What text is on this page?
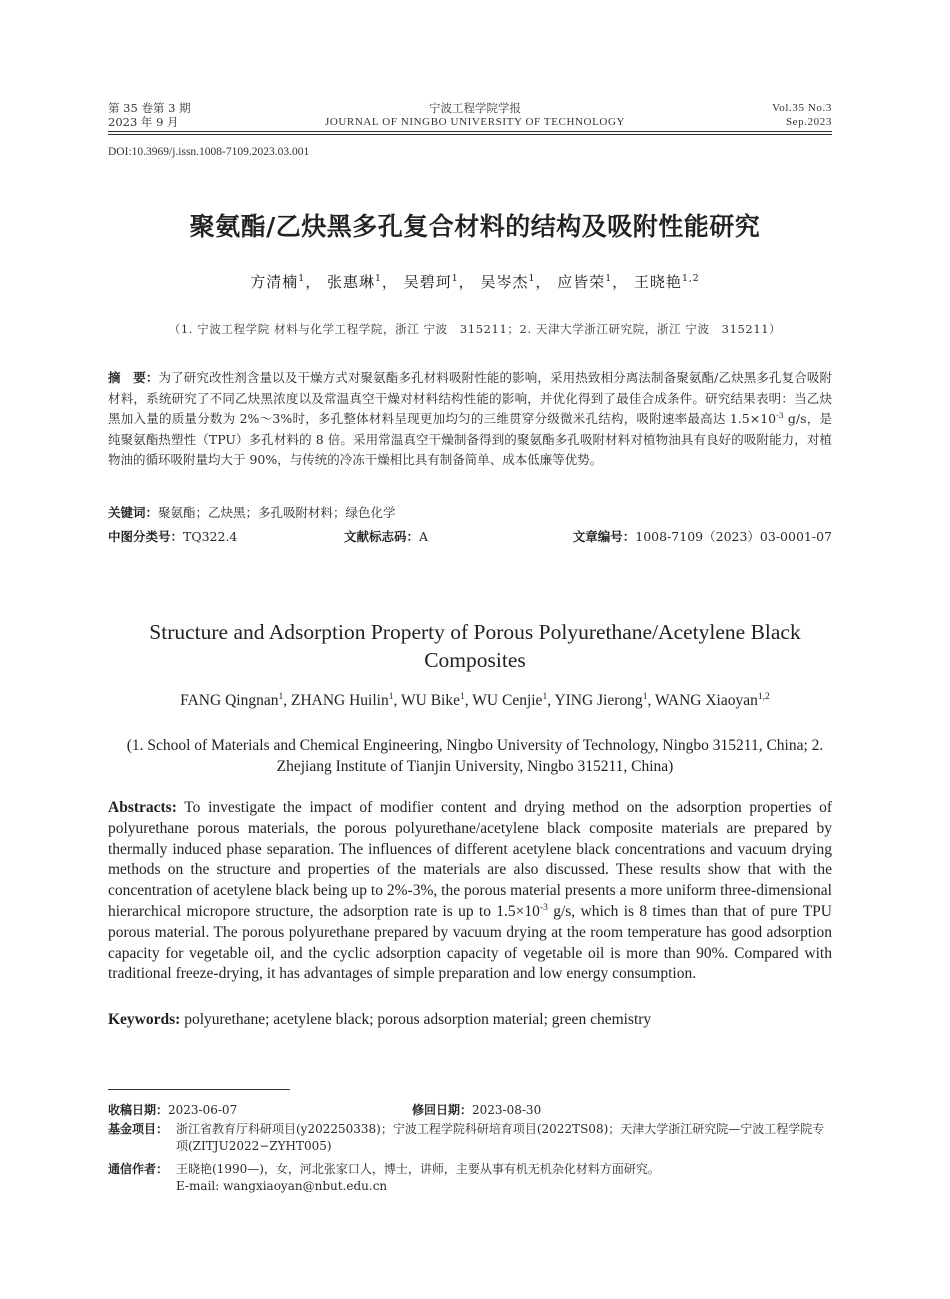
第 35 卷第 3 期
2023 年 9 月
宁波工程学院学报
JOURNAL OF NINGBO UNIVERSITY OF TECHNOLOGY
Vol.35 No.3
Sep.2023
DOI:10.3969/j.issn.1008-7109.2023.03.001
聚氨酯/乙炔黑多孔复合材料的结构及吸附性能研究
方清楠$^1$， 张惠琳$^1$， 吴碧珂$^1$， 吴岑杰$^1$， 应皆荣$^1$， 王晓艳$^{1,2}$
（1. 宁波工程学院 材料与化学工程学院，浙江 宁波　315211；2. 天津大学浙江研究院，浙江 宁波　315211）
摘　要：为了研究改性剂含量以及干燥方式对聚氨酯多孔材料吸附性能的影响，采用热致相分离法制备聚氨酯/乙炔黑多孔复合吸附材料，系统研究了不同乙炔黑浓度以及常温真空干燥对材料结构性能的影响，并优化得到了最佳合成条件。研究结果表明：当乙炔黑加入量的质量分数为 2%～3%时，多孔整体材料呈现更加均匀的三维贯穿分级微米孔结构，吸附速率最高达 $1.5\times 10^{-3}$ g/s，是纯聚氨酯热塑性（TPU）多孔材料的 8 倍。采用常温真空干燥制备得到的聚氨酯多孔吸附材料对植物油具有良好的吸附能力，对植物油的循环吸附量均大于 90%，与传统的冷冻干燥相比具有制备简单、成本低廉等优势。
关键词：聚氨酯；乙炔黑；多孔吸附材料；绿色化学
中图分类号：TQ322.4	文献标志码：A	文章编号：1008-7109（2023）03-0001-07
Structure and Adsorption Property of Porous Polyurethane/Acetylene Black Composites
FANG Qingnan$^1$, ZHANG Huilin$^1$, WU Bike$^1$, WU Cenjie$^1$, YING Jierong$^1$, WANG Xiaoyan$^{1,2}$
(1. School of Materials and Chemical Engineering, Ningbo University of Technology, Ningbo 315211, China; 2. Zhejiang Institute of Tianjin University, Ningbo 315211, China)
Abstracts: To investigate the impact of modifier content and drying method on the adsorption properties of polyurethane porous materials, the porous polyurethane/acetylene black composite materials are prepared by thermally induced phase separation. The influences of different acetylene black concentrations and vacuum drying methods on the structure and properties of the materials are also discussed. These results show that with the concentration of acetylene black being up to 2%-3%, the porous material presents a more uniform three-dimensional hierarchical micropore structure, the adsorption rate is up to $1.5\times 10^{-3}$ g/s, which is 8 times than that of pure TPU porous material. The porous polyurethane prepared by vacuum drying at the room temperature has good adsorption capacity for vegetable oil, and the cyclic adsorption capacity of vegetable oil is more than 90%. Compared with traditional freeze-drying, it has advantages of simple preparation and low energy consumption.
Keywords: polyurethane; acetylene black; porous adsorption material; green chemistry
收稿日期：2023-06-07	修回日期：2023-08-30
基金项目： 浙江省教育厅科研项目(y202250338)；宁波工程学院科研培育项目(2022TS08)；天津大学浙江研究院—宁波工程学院专项(ZITJU2022−ZYHT005)
通信作者： 王晓艳(1990—)，女，河北张家口人，博士，讲师，主要从事有机无机杂化材料方面研究。
E-mail: wangxiaoyan@nbut.edu.cn
